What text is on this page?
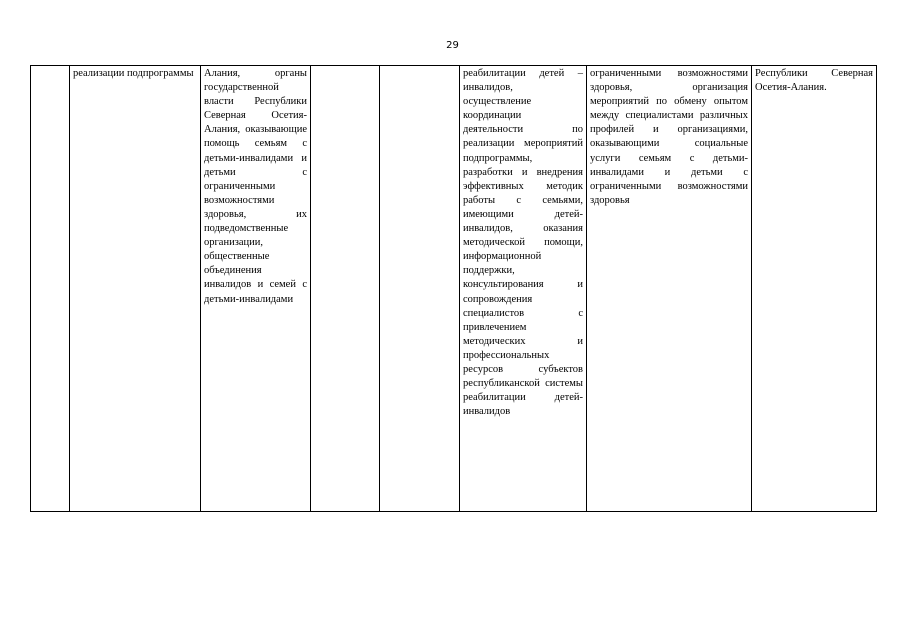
29
	реализации подпрограммы	Алания, органы государственной власти Республики Северная Осетия-Алания, оказывающие помощь семьям с детьми-инвалидами и детьми с ограниченными возможностями здоровья, их подведомственные организации, общественные объединения инвалидов и семей с детьми-инвалидами			реабилитации детей – инвалидов, осуществление координации деятельности по реализации мероприятий подпрограммы, разработки и внедрения эффективных методик работы с семьями, имеющими детей-инвалидов, оказания методической помощи, информационной поддержки, консультирования и сопровождения специалистов с привлечением методических и профессиональных ресурсов субъектов республиканской системы реабилитации детей-инвалидов	ограниченными возможностями здоровья, организация мероприятий по обмену опытом между специалистами различных профилей и организациями, оказывающими социальные услуги семьям с детьми-инвалидами и детьми с ограниченными возможностями здоровья	Республики Северная Осетия-Алания.
